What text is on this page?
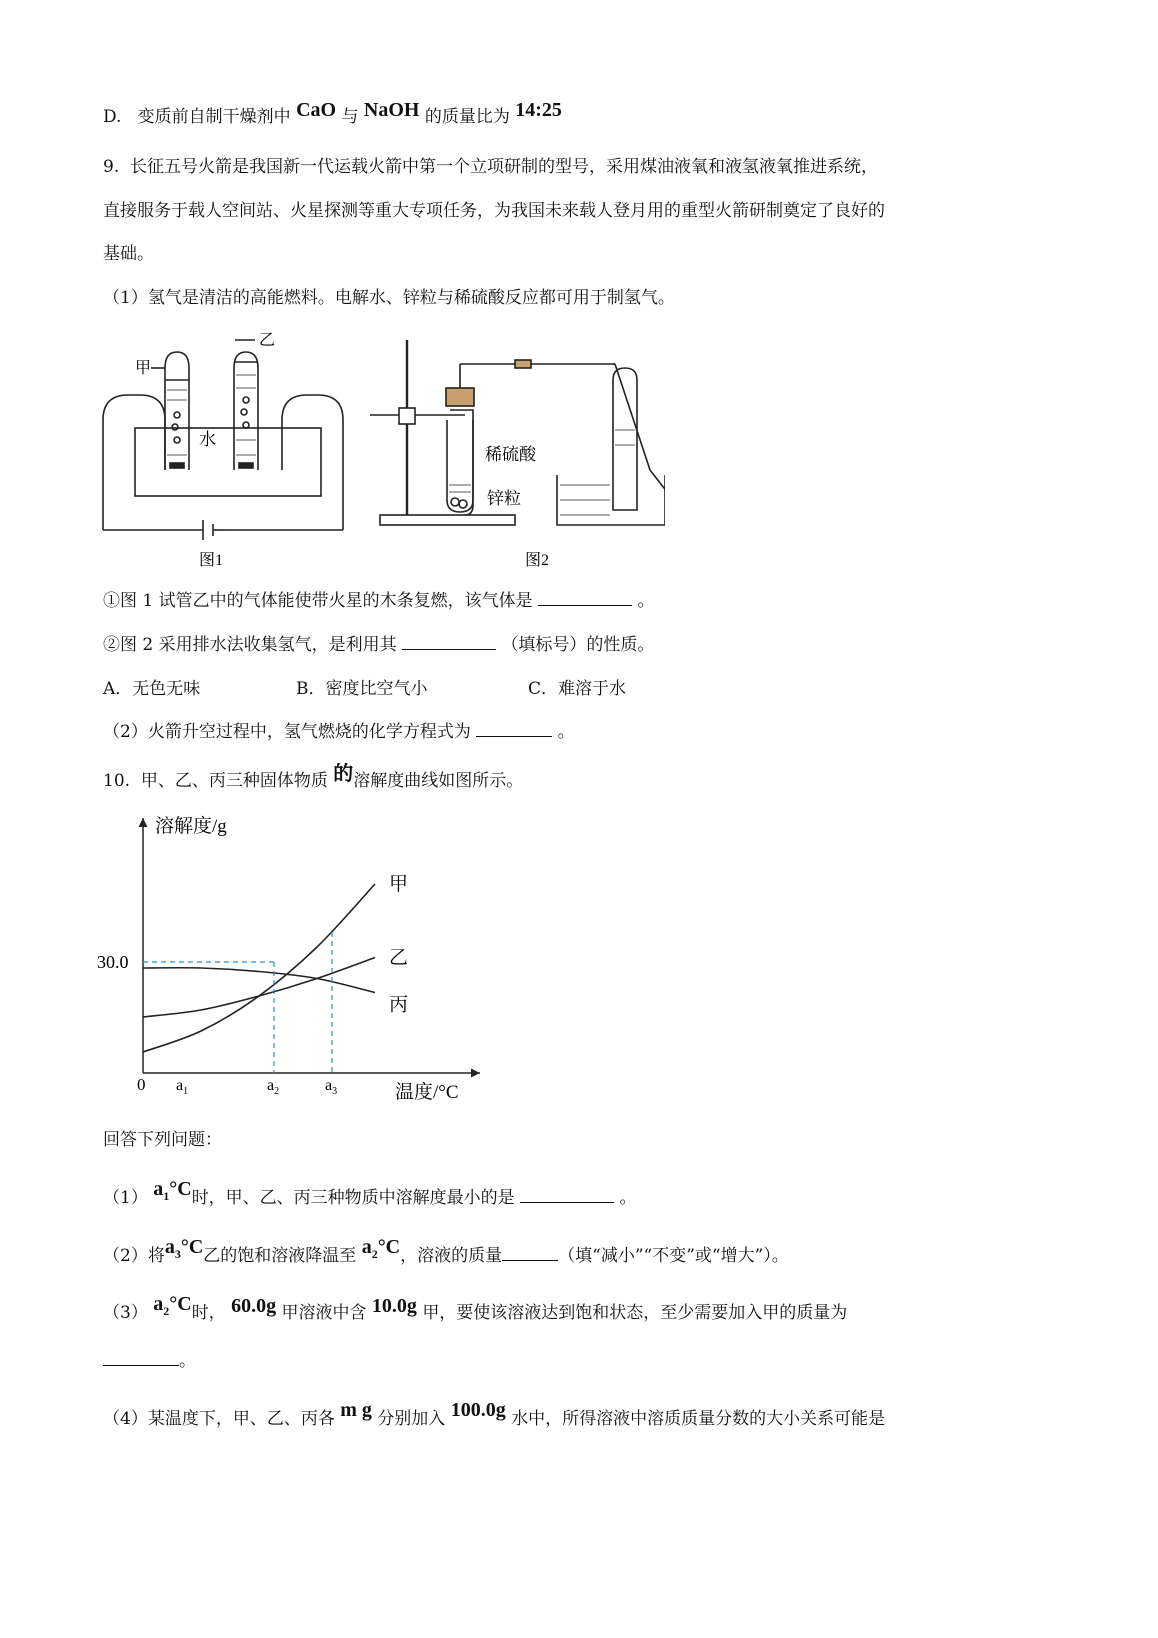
D. 变质前自制干燥剂中 CaO 与 NaOH 的质量比为 14:25
9. 长征五号火箭是我国新一代运载火箭中第一个立项研制的型号，采用煤油液氧和液氢液氧推进系统，
直接服务于载人空间站、火星探测等重大专项任务，为我国未来载人登月用的重型火箭研制奠定了良好的
基础。
（1）氢气是清洁的高能燃料。电解水、锌粒与稀硫酸反应都可用于制氢气。
甲
乙
水
图1
稀硫酸
锌粒
图2
①图 1 试管乙中的气体能使带火星的木条复燃，该气体是	。
②图 2 采用排水法收集氢气，是利用其	（填标号）的性质。
A．无色无味	B．密度比空气小	C．难溶于水
（2）火箭升空过程中，氢气燃烧的化学方程式为	。
10. 甲、乙、丙三种固体物质 的溶解度曲线如图所示。
溶解度/g
温度/°C
0
30.0
甲
乙
丙
$a_1$	$a_2$	$a_3$
回答下列问题：
（1） $a_1^\circ C$时，甲、乙、丙三种物质中溶解度最小的是	。
（2）将$a_3^\circ C$乙的饱和溶液降温至 $a_2^\circ C$，溶液的质量	（填“减小”“不变”或“增大”）。
（3） $a_2^\circ C$时， 60.0g 甲溶液中含 10.0g 甲，要使该溶液达到饱和状态，至少需要加入甲的质量为
。
（4）某温度下，甲、乙、丙各 m g 分别加入 100.0g 水中，所得溶液中溶质质量分数的大小关系可能是
